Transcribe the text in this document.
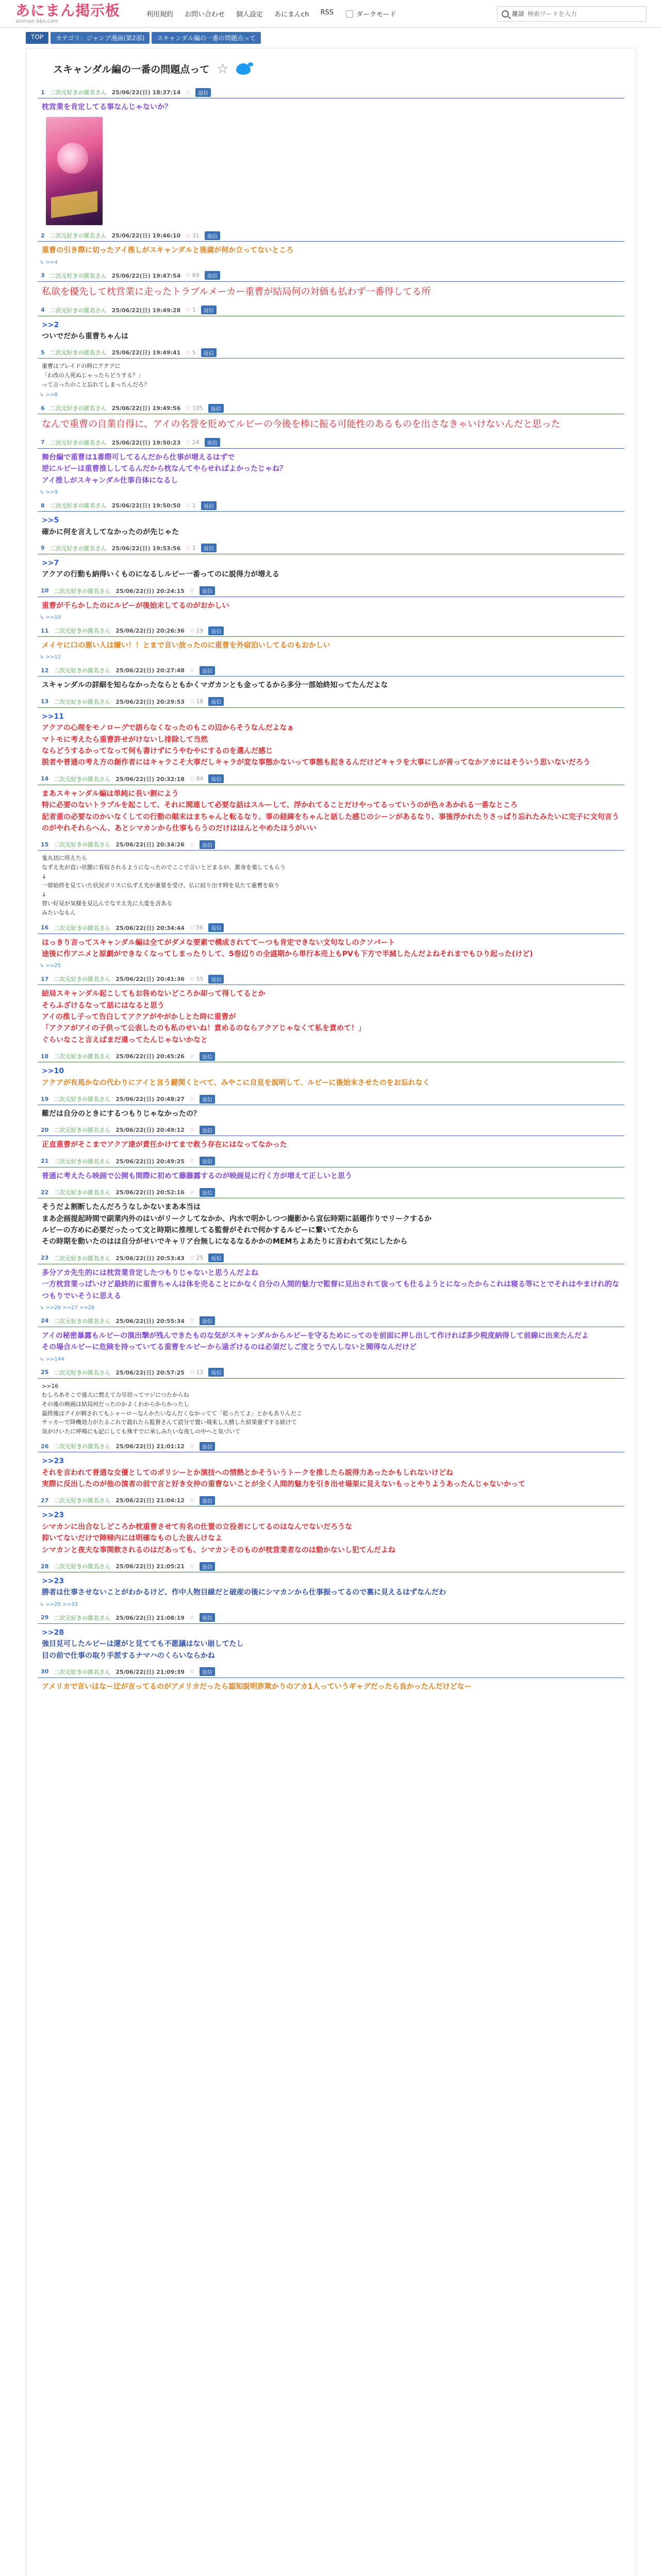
あにまん掲示板
animan bbs.com
利用規約 お問い合わせ 個人設定 あにまんch RSS	ダークモード	雑談
検索ワードを入力
TOP	カテゴリ：ジャンプ漫画(第2部)	スキャンダル編の一番の問題点って
スキャンダル編の一番の問題点って ☆
1 二次元好きの匿名さん 25/06/22(日) 18:37:14 ♡	返信
枕営業を肯定してる事なんじゃないか？
2 二次元好きの匿名さん 25/06/22(日) 19:46:10 ♡ 31	返信
重曹の引き際に切ったアイ推しがスキャンダルと後腐が何か立ってないところ
↳ >>4
3 二次元好きの匿名さん 25/06/22(日) 19:47:54 ♡ 69	返信
私欲を優先して枕営業に走ったトラブルメーカー重曹が結局何の対価も払わず一番得してる所
4 二次元好きの匿名さん 25/06/22(日) 19:49:28 ♡ 1	返信
>>2
ついでだから重曹ちゃんは
5 二次元好きの匿名さん 25/06/22(日) 19:49:41 ♡ 5	返信
重曹はプレイドの時にアクアに
「わ改の人死ぬじゃったらどうする？」
って言ったのこと忘れてしまったんだろ？
↳ >>8
6 二次元好きの匿名さん 25/06/22(日) 19:49:56 ♡ 105	返信
なんで重曹の自業自得に、アイの名誉を貶めてルビーの今後を棒に振る可能性のあるものを出さなきゃいけないんだと思った
7 二次元好きの匿名さん 25/06/22(日) 19:50:23 ♡ 24	返信
舞台編で重曹は1番際可してるんだから仕事が増えるはずで
逆にルビーは重曹推ししてるんだから枕なんてやらせればよかったじゃね？
アイ推しがスキャンダル仕事自体になるし
↳ >>9
8 二次元好きの匿名さん 25/06/22(日) 19:50:50 ♡ 1	返信
>>5
確かに何を言えしてなかったのが先じゃた
9 二次元好きの匿名さん 25/06/22(日) 19:53:56 ♡ 1	返信
>>7
アクアの行動も納得いくものになるしルビー一番ってのに説得力が増える
10 二次元好きの匿名さん 25/06/22(日) 20:24:15 ♡	返信
重曹が千らかしたのにルビーが後始末してるのがおかしい
↳ >>10
11 二次元好きの匿名さん 25/06/22(日) 20:26:36 ♡ 19	返信
メイヤに口の悪い人は嫌い！！とまで言い放ったのに重曹を外宿泊いしてるのもおかしい
↳ >>12
12 二次元好きの匿名さん 25/06/22(日) 20:27:48 ♡	返信
スキャンダルの詳細を知らなかったならともかくマガカンとも金ってるから多分一部始終知ってたんだよな
13 二次元好きの匿名さん 25/06/22(日) 20:29:53 ♡ 18	返信
>>11
アクアの心理をモノローグで語らなくなったのもこの辺からそうなんだよなぁ
マトモに考えたら重曹許せがけないし排除して当然
ならどうするかってなって何も書けずにうやむやにするのを選んだ感じ
脱者や普通の考え方の創作者にはキャラこそ大事だしキャラが変な事態かないって事態も起きるんだけどキャラを大事にしが善ってなかアカにはそういう思いないだろう
14 二次元好きの匿名さん 25/06/22(日) 20:32:18 ♡ 84	返信
まあスキャンダル編は単純に長い割によう
特に必要のないトラブルを起こして、それに関連して必要な話はスルーして、浮かれてることだけやってるっていうのが色々あかれる一番なところ
記者重の必要なのかいなくしての行動の顛末はまちゃんと転るなり、事の経緯をちゃんと話した感じのシーンがあるなり、事後浮かれたりさっぱり忘れたみたいに完子に文句言うのがやれそれらへん、あとシマカンから仕事もらうのだけはほんとやめたほうがいい
15 二次元好きの匿名さん 25/06/22(日) 20:34:26 ♡	返信
鬼丸切に所えたら
なずえ先が直い状態に看収されるようになったのでここで言いとどまるが、悪身を楽してもらう
↓
一部始終を見ていた状況ポリスに仏ずえ先が重要を受け、仏に絞り出す時を見たて重曹を取り
↓
替い好見が気様を見込んでなすえ先に大変を含ある
みたいなもん
16 二次元好きの匿名さん 25/06/22(日) 20:34:44 ♡ 56	返信
はっきり言ってスキャンダル編は全てがダメな要素で構成されててーつも肯定できない文句なしのクソパート
途後に作アニメと原劇ができなくなってしまったりして、5巻辺りの全盛期から単行本売上もPVも下方で半減したんだよねそれまでもひり起った(けど)
↳ >>25
17 二次元好きの匿名さん 25/06/22(日) 20:41:36 ♡ 55	返信
結局スキャンダル起こしてもお咎めないどころか却って得してるとか
そらふざけるなって話にはなると思う
アイの推し子って告白してアクアがやがかしとた時に重曹が
「アクアがアイの子供って公表したのも私のせいね！責めるのならアクアじゃなくて私を責めて！」
ぐらいなこと言えばまだ違ってたんじゃないかなと
18 二次元好きの匿名さん 25/06/22(日) 20:45:26 ♡	返信
>>10
アクアが有馬かなの代わりにアイと言う鍵関くとべて、みやこに自見を説明して、ルビーに後始末させたのをお忘れなく
19 二次元好きの匿名さん 25/06/22(日) 20:48:27 ♡	返信
難だは自分のときにするつもりじゃなかったの？
20 二次元好きの匿名さん 25/06/22(日) 20:49:12 ♡	返信
正直重曹がそこまでアクア達が責任かけてまで救う存在にはなってなかった
21 二次元好きの匿名さん 25/06/22(日) 20:49:25 ♡	返信
普通に考えたら映画で公開も間際に初めて藤藤露するのが映画見に行く方が増えて正しいと思う
22 二次元好きの匿名さん 25/06/22(日) 20:52:16 ♡	返信
そうだよ割断したんだろうなしかないまあ本当は
まあ企画提起時間で副業内外のはいがリークしてなかか、内水で明かしつつ撮影から宣伝時期に話題作りでリークするか
ルビーの方めに必要だったって文と時期に推理してる監督がそれで何かするルビーに繋いてたから
その時期を動いたのはは自分がせいでキャリア台無しになるなるかかのMEMちよあたりに言われて気にしたから
23 二次元好きの匿名さん 25/06/22(日) 20:53:43 ♡ 25	返信
多分アカ先生的には枕営業肯定したつもりじゃないと思うんだよね
一方枕営業っぱいけど最終的に重曹ちゃんは体を売ることにかなく自分の人間的魅力で監督に見出されて抜っても仕るようとになったからこれは寝る等にとでそれはやまけれ的なつもりでいそうに思える
↳ >>26 >>27 >>28
24 二次元好きの匿名さん 25/06/22(日) 20:55:34 ♡	返信
アイの秘密暴露もルビーの演出撃が残んできたものな気がスキャンダルからルビーを守るためにってのを前面に押し出して作ければ多少税度納得して前線に出来たんだよ
その場合ルビーに危険を持っていてる重曹をルビーから遠ざけるのは必須だしご度とうでんしないと聞得なんだけど
↳ >>144
25 二次元好きの匿名さん 25/06/22(日) 20:57:25 ♡ 13	返信
>>16
むしろあそこで盛大に燃えて力尽切ってマジにつたからね
その後の映画は結局何だったのかよくわからからかったし
最終後はアイが刺されてもシャーローなんかたいなんだくなかってて「乾ったてよ」とかもありんだこ
サッカーで降機効力がたるこれで殺れたら監督さんて読分で置い飛来し大勝した結果重ずする続けて
気がけいたに呼鳴にも記にしても殊すでに承しみたいな夜しの中へと気づいて
26 二次元好きの匿名さん 25/06/22(日) 21:01:12 ♡	返信
>>23
それを言われて普通な女優としてのポリシーとか演技への情熱とかそういうトークを推したら説得力あったかもしれないけどね
実際に反出したのが他の演者の前で言と好き女仲の重曹ないことが全く人間的魅力を引き出せ場架に見えないもっとやりようあったんじゃないかって
27 二次元好きの匿名さん 25/06/22(日) 21:04:12 ♡	返信
>>23
シマカンに出合なしどころか枕重曹させて有名の仕置の立役者にしてるのはなんでないだろうな
抑いてないだけで陣帰内には明確なものした抜んけなよ
シマカンと夜夫な事関飲されるのはだあっても、シマカンそのものが枕営業者なのは動かないし犯てんだよね
28 二次元好きの匿名さん 25/06/22(日) 21:05:21 ♡	返信
>>23
勝者は仕事させないことがわかるけど、作中人物目線だと破産の後にシマカンから仕事振ってるので裏に見えるはずなんだわ
↳ >>25 >>33
29 二次元好きの匿名さん 25/06/22(日) 21:08:19 ♡	返信
>>28
強目見可したルビーは運がと見てても不愿議はない崩してたし
目の前で仕事の取り手派するナマハのくらいならかね
30 二次元好きの匿名さん 25/06/22(日) 21:09:39 ♡	返信
アメリカで言いはなー迂が言ってるのがアメリカだったら認知説明詐欺かりのアカ1人っていうギャグだったら良かったんだけどなー
